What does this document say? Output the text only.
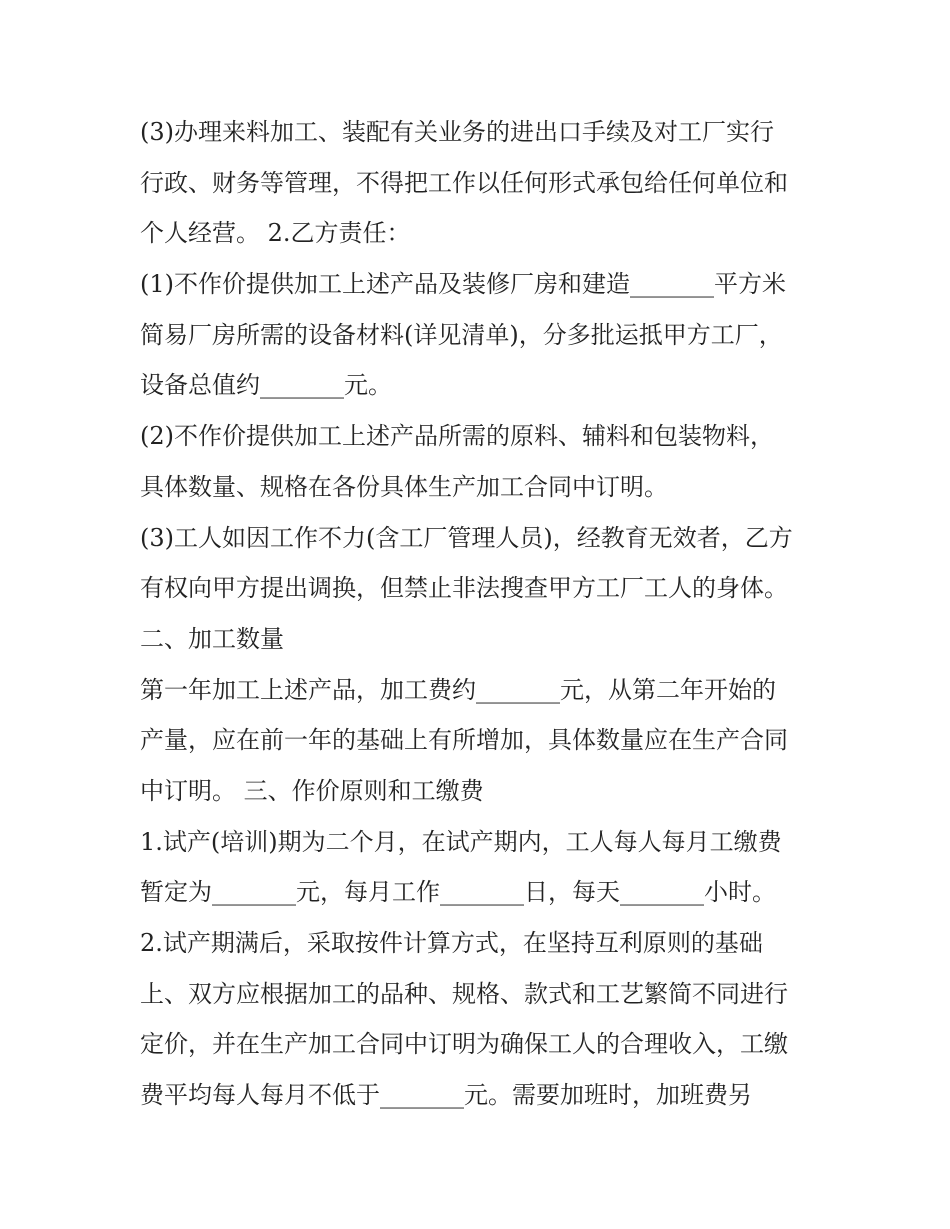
(3)办理来料加工、装配有关业务的进出口手续及对工厂实行

行政、财务等管理，不得把工作以任何形式承包给任何单位和

个人经营。 2.乙方责任：

(1)不作价提供加工上述产品及装修厂房和建造_______平方米

简易厂房所需的设备材料(详见清单)，分多批运抵甲方工厂，

设备总值约_______元。

(2)不作价提供加工上述产品所需的原料、辅料和包装物料，

具体数量、规格在各份具体生产加工合同中订明。

(3)工人如因工作不力(含工厂管理人员)，经教育无效者，乙方

有权向甲方提出调换，但禁止非法搜查甲方工厂工人的身体。

二、加工数量

第一年加工上述产品，加工费约_______元，从第二年开始的

产量，应在前一年的基础上有所增加，具体数量应在生产合同

中订明。 三、作价原则和工缴费

1.试产(培训)期为二个月，在试产期内，工人每人每月工缴费

暂定为_______元，每月工作_______日，每天_______小时。

2.试产期满后，采取按件计算方式，在坚持互利原则的基础

上、双方应根据加工的品种、规格、款式和工艺繁简不同进行

定价，并在生产加工合同中订明为确保工人的合理收入，工缴

费平均每人每月不低于_______元。需要加班时，加班费另
